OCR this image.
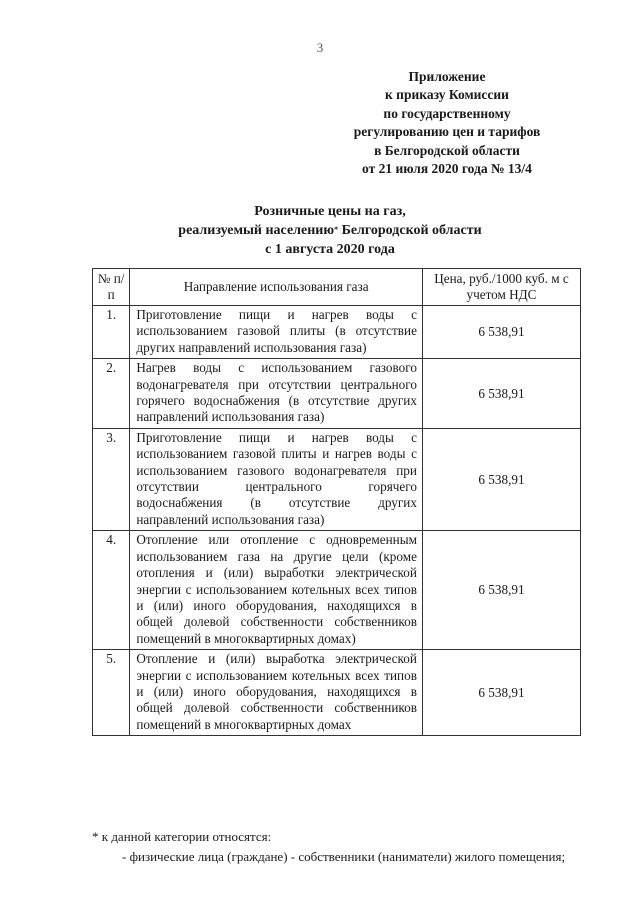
3
Приложение
к приказу Комиссии
по государственному
регулированию цен и тарифов
в Белгородской области
от 21 июля 2020 года № 13/4
Розничные цены на газ,
реализуемый населению* Белгородской области
с 1 августа 2020 года
№ п/п	Направление использования газа	Цена, руб./1000 куб. м с учетом НДС
1.	Приготовление пищи и нагрев воды с использованием газовой плиты (в отсутствие других направлений использования газа)	6 538,91
2.	Нагрев воды с использованием газового водонагревателя при отсутствии центрального горячего водоснабжения (в отсутствие других направлений использования газа)	6 538,91
3.	Приготовление пищи и нагрев воды с использованием газовой плиты и нагрев воды с использованием газового водонагревателя при отсутствии центрального горячего водоснабжения (в отсутствие других направлений использования газа)	6 538,91
4.	Отопление или отопление с одновременным использованием газа на другие цели (кроме отопления и (или) выработки электрической энергии с использованием котельных всех типов и (или) иного оборудования, находящихся в общей долевой собственности собственников помещений в многоквартирных домах)	6 538,91
5.	Отопление и (или) выработка электрической энергии с использованием котельных всех типов и (или) иного оборудования, находящихся в общей долевой собственности собственников помещений в многоквартирных домах	6 538,91
* к данной категории относятся:
- физические лица (граждане) - собственники (наниматели) жилого помещения;
